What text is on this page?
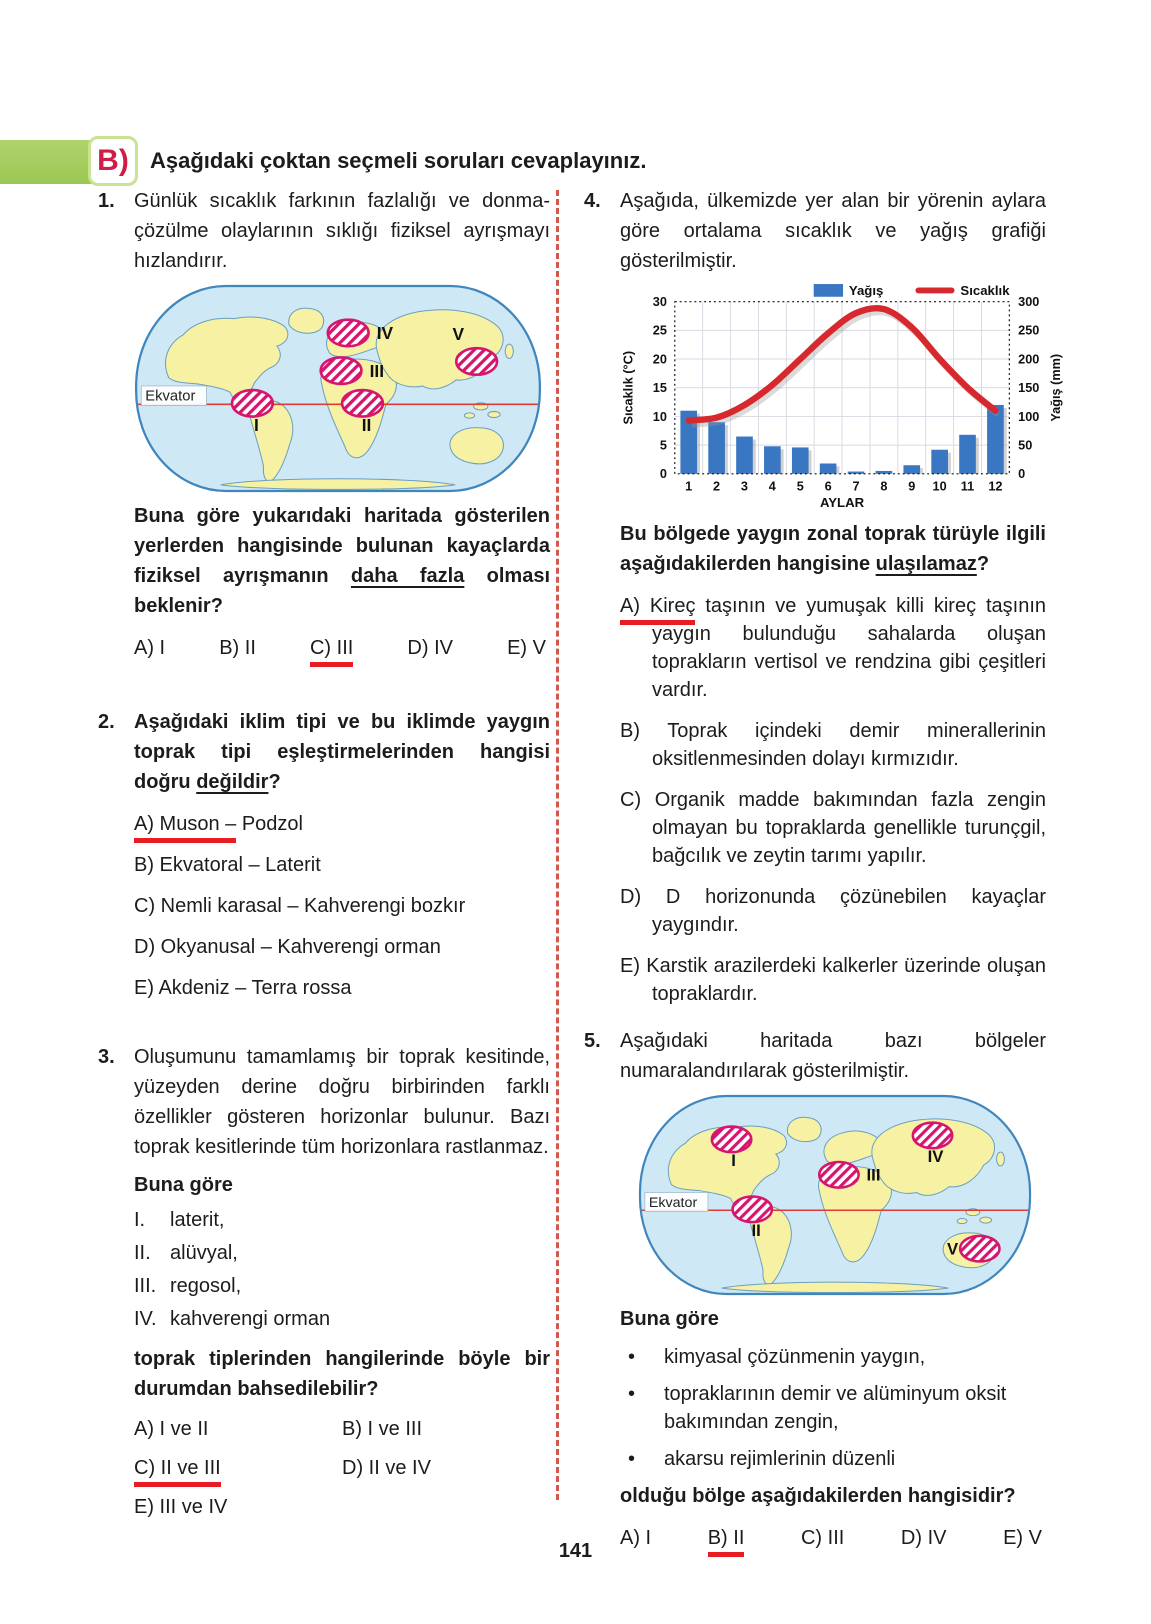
B) Aşağıdaki çoktan seçmeli soruları cevaplayınız.
1. Günlük sıcaklık farkının fazlalığı ve donma-çözülme olaylarının sıklığı fiziksel ayrışmayı hızlandırır.

Ekvator
I	II
III
IV	V

Buna göre yukarıdaki haritada gösterilen yerlerden hangisinde bulunan kayaçlarda fiziksel ayrışmanın daha fazla olması beklenir?

A) I	B) II	C) III	D) IV	E) V
2. Aşağıdaki iklim tipi ve bu iklimde yaygın toprak tipi eşleştirmelerinden hangisi doğru değildir?

A) Muson – Podzol
B) Ekvatoral – Laterit
C) Nemli karasal – Kahverengi bozkır
D) Okyanusal – Kahverengi orman
E) Akdeniz – Terra rossa
3. Oluşumunu tamamlamış bir toprak kesitinde, yüzeyden derine doğru birbirinden farklı özellikler gösteren horizonlar bulunur. Bazı toprak kesitlerinde tüm horizonlara rastlanmaz.

Buna göre
I. laterit,
II. alüvyal,
III. regosol,
IV. kahverengi orman

toprak tiplerinden hangilerinde böyle bir durumdan bahsedilebilir?

A) I ve II	B) I ve III
C) II ve III	D) II ve IV
E) III ve IV
4. Aşağıda, ülkemizde yer alan bir yörenin aylara göre ortalama sıcaklık ve yağış grafiği gösterilmiştir.

0
5
10
15
20
25
30
0
50
100
150
200
250
300
1 2 3 4 5 6 7 8 9 10 11 12
AYLAR
Sıcaklık (°C)	Yağış (mm)
Yağış	Sıcaklık

Bu bölgede yaygın zonal toprak türüyle ilgili aşağıdakilerden hangisine ulaşılamaz?

A) Kireç taşının ve yumuşak killi kireç taşının yaygın bulunduğu sahalarda oluşan toprakların vertisol ve rendzina gibi çeşitleri vardır.
B) Toprak içindeki demir minerallerinin oksitlenmesinden dolayı kırmızıdır.
C) Organik madde bakımından fazla zengin olmayan bu topraklarda genellikle turunçgil, bağcılık ve zeytin tarımı yapılır.
D) D horizonunda çözünebilen kayaçlar yaygındır.
E) Karstik arazilerdeki kalkerler üzerinde oluşan topraklardır.
5. Aşağıdaki haritada bazı bölgeler numaralandırılarak gösterilmiştir.

Ekvator
I
II
III
IV
V
Buna göre
•	kimyasal çözünmenin yaygın,
•	topraklarının demir ve alüminyum oksit bakımından zengin,
•	akarsu rejimlerinin düzenli

olduğu bölge aşağıdakilerden hangisidir?

A) I	B) II	C) III	D) IV	E) V
141
